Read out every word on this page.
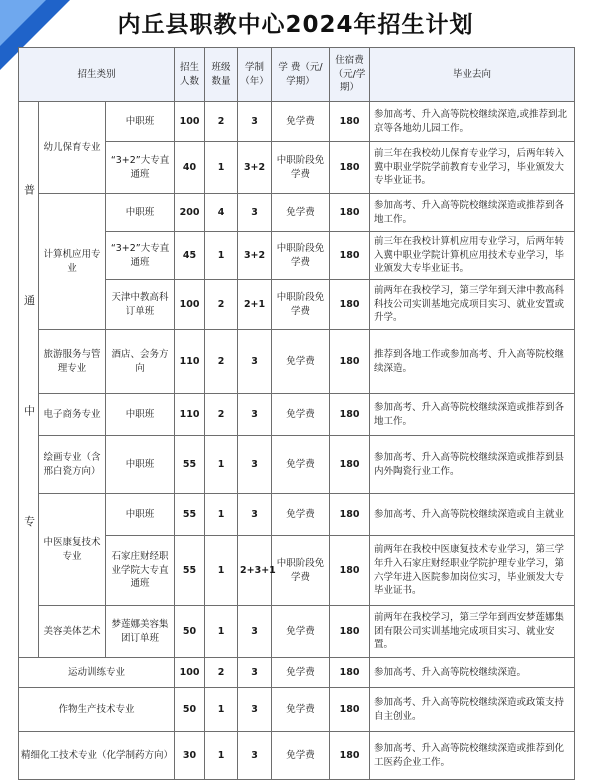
内丘县职教中心2024年招生计划
招生类别			招生人数	班级数量	学制（年）	学 费（元/学期）	住宿费（元/学期）	毕业去向
普 通 中 专	幼儿保育专业	中职班	100	2	3	免学费	180	参加高考、升入高等院校继续深造,或推荐到北京等各地幼儿园工作。
		“3+2”大专直通班	40	1	3+2	中职阶段免学费	180	前三年在我校幼儿保育专业学习，后两年转入冀中职业学院学前教育专业学习，毕业颁发大专毕业证书。
	计算机应用专业	中职班	200	4	3	免学费	180	参加高考、升入高等院校继续深造或推荐到各地工作。
		“3+2”大专直通班	45	1	3+2	中职阶段免学费	180	前三年在我校计算机应用专业学习，后两年转入冀中职业学院计算机应用技术专业学习，毕业颁发大专毕业证书。
		天津中教高科订单班	100	2	2+1	中职阶段免学费	180	前两年在我校学习，第三学年到天津中教高科科技公司实训基地完成项目实习、就业安置或升学。
	旅游服务与管理专业	酒店、会务方向	110	2	3	免学费	180	推荐到各地工作或参加高考、升入高等院校继续深造。
	电子商务专业	中职班	110	2	3	免学费	180	参加高考、升入高等院校继续深造或推荐到各地工作。
	绘画专业（含邢白瓷方向）	中职班	55	1	3	免学费	180	参加高考、升入高等院校继续深造或推荐到县内外陶瓷行业工作。
	中医康复技术专业	中职班	55	1	3	免学费	180	参加高考、升入高等院校继续深造或自主就业
		石家庄财经职业学院大专直通班	55	1	2+3+1	中职阶段免学费	180	前两年在我校中医康复技术专业学习，第三学年升入石家庄财经职业学院护理专业学习，第六学年进入医院参加岗位实习，毕业颁发大专毕业证书。
	美容美体艺术	梦莲娜美容集团订单班	50	1	3	免学费	180	前两年在我校学习，第三学年到西安梦莲娜集团有限公司实训基地完成项目实习、就业安置。
运动训练专业			100	2	3	免学费	180	参加高考、升入高等院校继续深造。
作物生产技术专业			50	1	3	免学费	180	参加高考、升入高等院校继续深造或政策支持自主创业。
精细化工技术专业（化学制药方向）			30	1	3	免学费	180	参加高考、升入高等院校继续深造或推荐到化工医药企业工作。
